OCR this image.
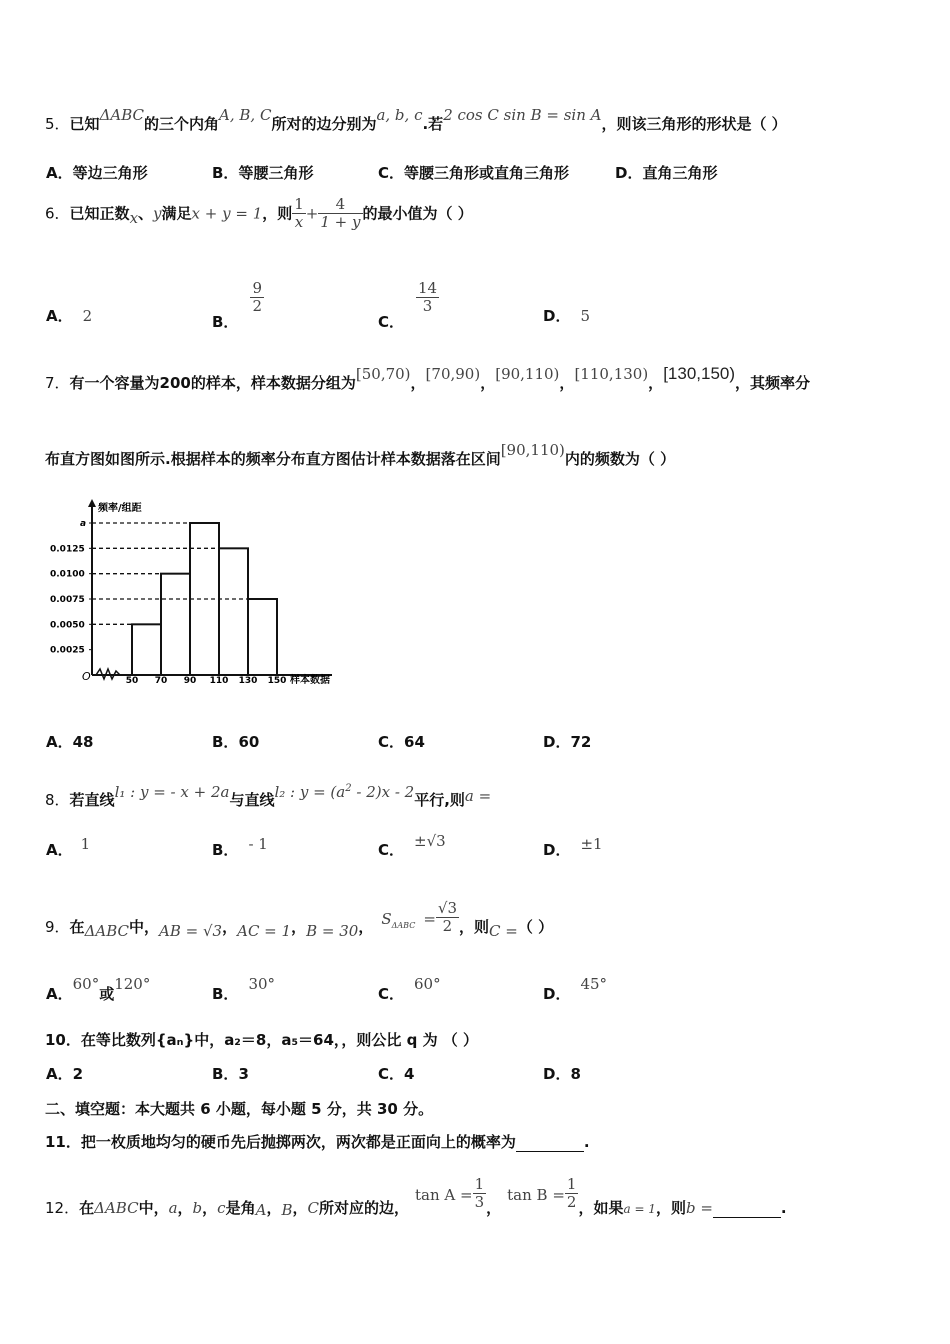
5．已知ΔABC的三个内角A, B, C所对的边分别为a, b, c.若2 cos C sin B = sin A，则该三角形的形状是（ ）
A．等边三角形	B．等腰三角形	C．等腰三角形或直角三角形	D．直角三角形
6．已知正数x、y满足x + y = 1，则 $\frac{1}{x} + \frac{4}{1 + y}$ 的最小值为（ ）
A． 2	B．
$\frac{9}{2}$
C．
$\frac{14}{3}$
D． 5
7．有一个容量为200的样本，样本数据分组为[50,70)，[70,90)，[90,110)，[110,130)，[130,150)，其频率分
布直方图如图所示.根据样本的频率分布直方图估计样本数据落在区间[90,110)内的频数为（ ）
频率/组距
O	样本数据
0.0025
0.0050
0.0075
0.0100
0.0125
a
50 70 90 110 130 150
A．48	B．60	C．64	D．72
8．若直线l₁ : y = - x + 2a与直线l₂ : $y = (a^2 - 2)x - 2$平行,则a =
A． 1	B． - 1	C． ±√3	D． ±1
9．在ΔABC中，AB = √3，AC = 1，B = 30， $S_{\Delta ABC} = \frac{√3}{2}$ ，则C =（ ）
A．60°或120°
B．30°
C．60°
D．45°
10．在等比数列{aₙ}中，a₂＝8，a₅＝64，，则公比 q 为 （ ）
A．2	B．3	C．4	D．8
二、填空题：本大题共 6 小题，每小题 5 分，共 30 分。
11．把一枚质地均匀的硬币先后抛掷两次，两次都是正面向上的概率为	.
12．在ΔABC中，a，b，c是角A，B，C所对应的边，$\tan A = \frac{1}{3}$ ，$\tan B = \frac{1}{2}$ ，如果$_{a = 1}$，则b =	.
